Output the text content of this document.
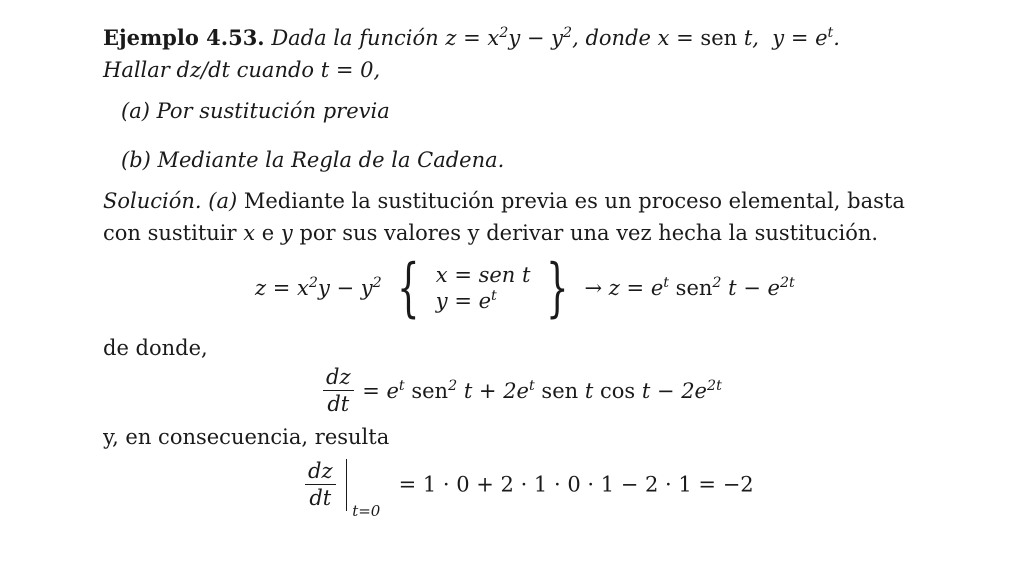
Ejemplo 4.53. Dada la función $z = x^2y - y^2$, donde x = sen t,  $y = e^t$.
Hallar dz/dt cuando t = 0,
(a) Por sustitución previa
(b) Mediante la Regla de la Cadena.
Solución. (a) Mediante la sustitución previa es un proceso elemental, basta
con sustituir x e y por sus valores y derivar una vez hecha la sustitución.
$z = x^2y - y^2$ { x = sen t
$y = e^t$ } → $z = e^t$ sen$^2$ $t - e^{2t}$
de donde,
$\frac{dz}{dt} = e^t$ sen$^2$ $t + 2e^t$ sen t $\cos t - 2e^{2t}$
y, en consecuencia, resulta
$\frac{dz}{dt}$
t=0
= 1 · 0 + 2 · 1 · 0 · 1 − 2 · 1 = −2
